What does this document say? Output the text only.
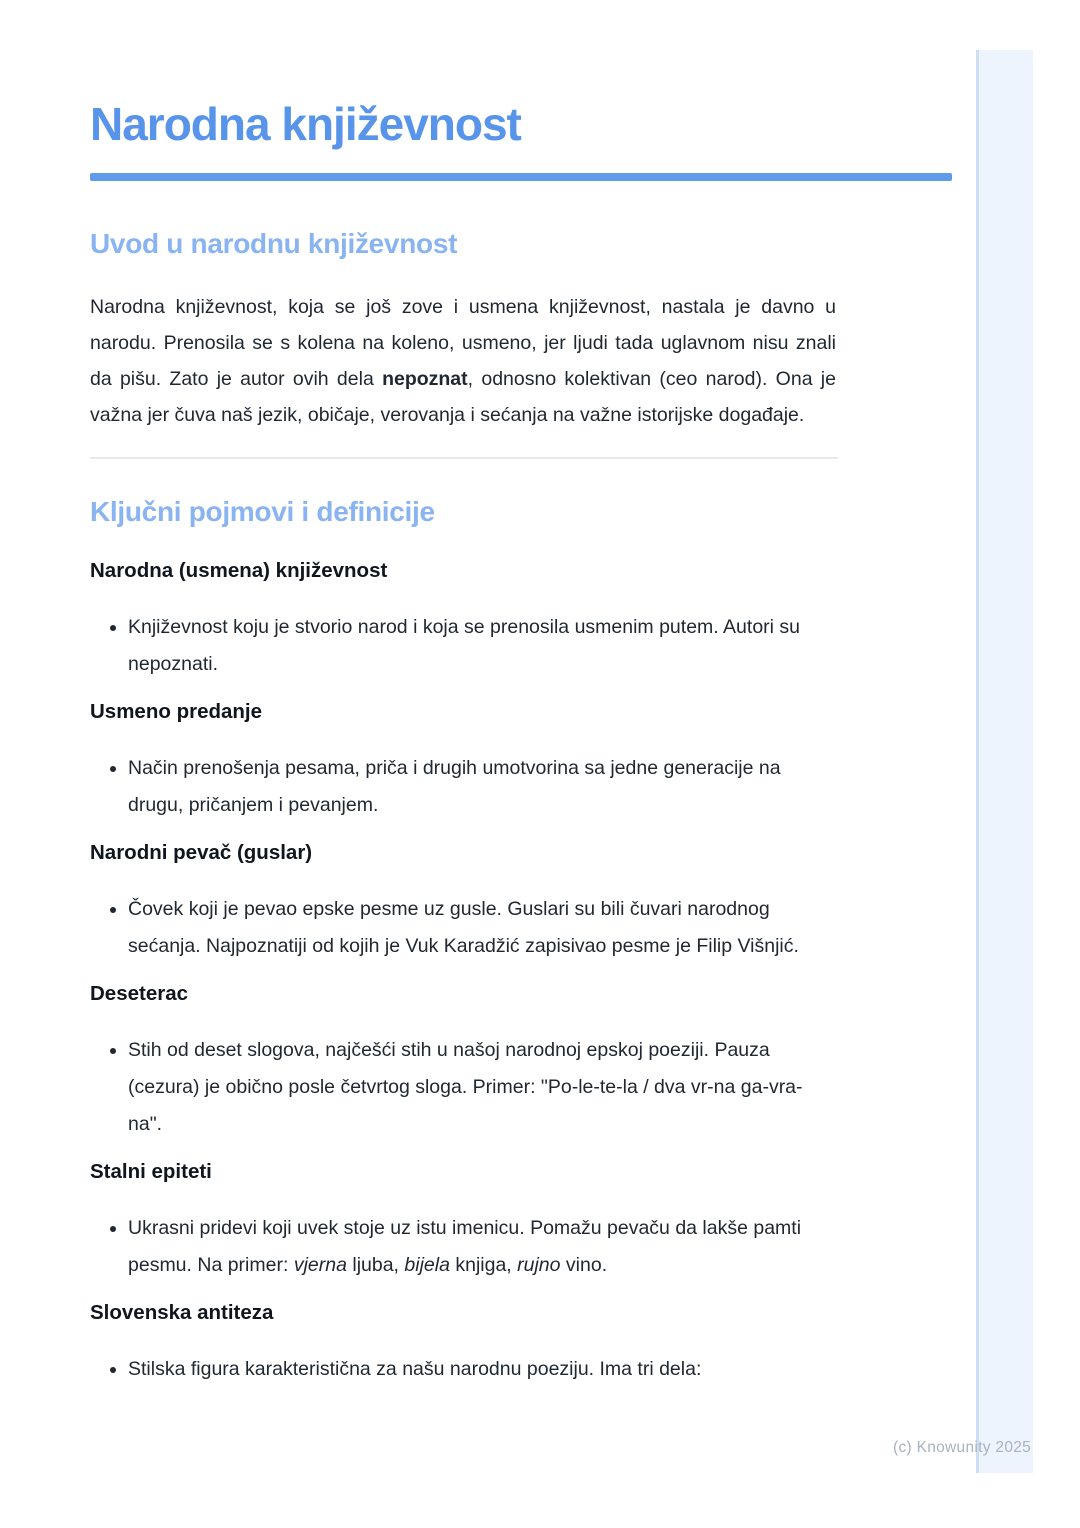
Narodna književnost
Uvod u narodnu književnost

Narodna književnost, koja se još zove i usmena književnost, nastala je davno u narodu. Prenosila se s kolena na koleno, usmeno, jer ljudi tada uglavnom nisu znali da pišu. Zato je autor ovih dela nepoznat, odnosno kolektivan (ceo narod). Ona je važna jer čuva naš jezik, običaje, verovanja i sećanja na važne istorijske događaje.

Ključni pojmovi i definicije
Narodna (usmena) književnost
• Književnost koju je stvorio narod i koja se prenosila usmenim putem. Autori su nepoznati.
Usmeno predanje
• Način prenošenja pesama, priča i drugih umotvorina sa jedne generacije na drugu, pričanjem i pevanjem.
Narodni pevač (guslar)
• Čovek koji je pevao epske pesme uz gusle. Guslari su bili čuvari narodnog sećanja. Najpoznatiji od kojih je Vuk Karadžić zapisivao pesme je Filip Višnjić.
Deseterac
• Stih od deset slogova, najčešći stih u našoj narodnoj epskoj poeziji. Pauza (cezura) je obično posle četvrtog sloga. Primer: "Po-le-te-la / dva vr-na ga-vra-na".
Stalni epiteti
• Ukrasni pridevi koji uvek stoje uz istu imenicu. Pomažu pevaču da lakše pamti pesmu. Na primer: vjerna ljuba, bijela knjiga, rujno vino.
Slovenska antiteza
• Stilska figura karakteristična za našu narodnu poeziju. Ima tri dela:
(c) Knowunity 2025
